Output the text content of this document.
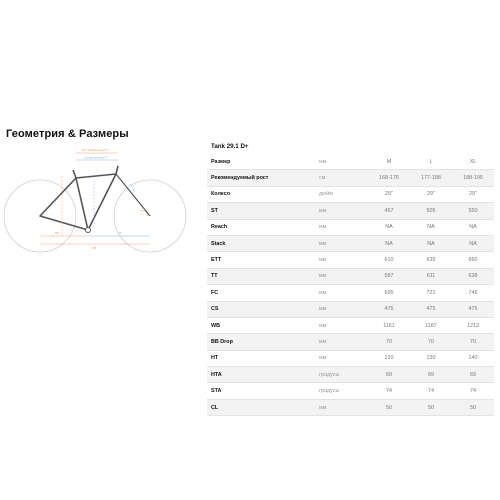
Геометрия & Размеры
ETT Эффективный ТТ
Горизонтальный ТТ
BB	CS
WB
Tank 29.1 D+
Размер	мм	M	L	XL
Рекомендуемый рост	см	168-176	177-188	188-195
Колесо	дюйм	29"	29"	29"
ST	мм	457	505	550
Reach	мм	NA	NA	NA
Stack	мм	NA	NA	NA
ETT	мм	610	635	660
TT	мм	587	611	638
FC	мм	695	721	746
CS	мм	475	475	475
WB	мм	1161	1187	1213
BB Drop	мм	70	70	70
HT	мм	120	130	140
HTA	градусы	69	69	69
STA	градусы	74	74	74
CL	мм	50	50	50
